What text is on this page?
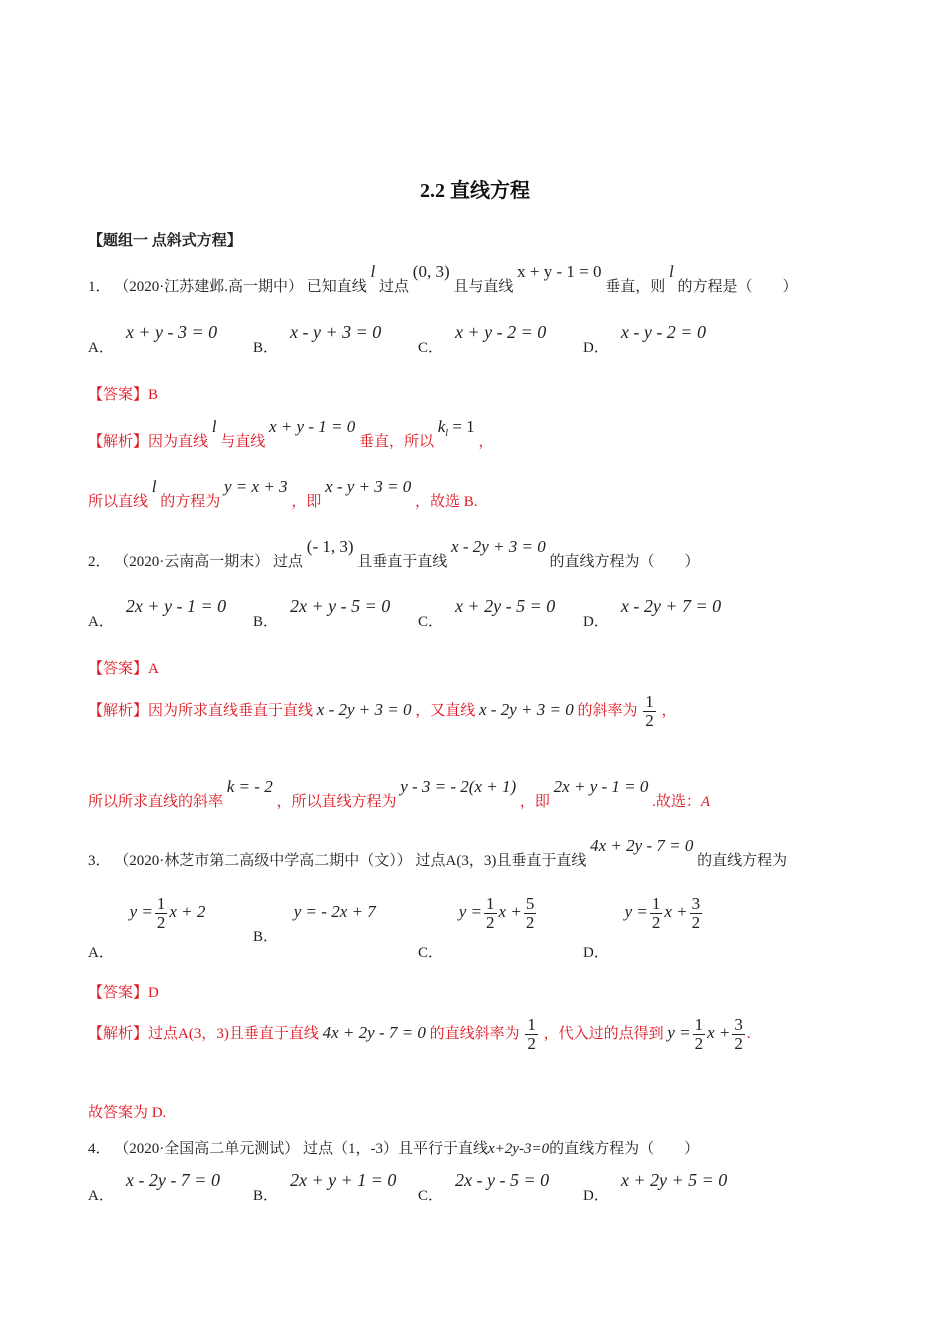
2.2 直线方程
【题组一 点斜式方程】
1． （2020·江苏建邺.高一期中） 已知直线 l 过点 (0, 3) 且与直线 x + y - 1 = 0 垂直，则 l 的方程是（　　）
A．x + y - 3 = 0
B．x - y + 3 = 0
C．x + y - 2 = 0
D．x - y - 2 = 0
【答案】B
【解析】因为直线 l 与直线 x + y - 1 = 0 垂直，所以 $k_l = 1$ ，
所以直线 l 的方程为 y = x + 3 ，即 x - y + 3 = 0 ，故选 B.
2． （2020·云南高一期末） 过点 (- 1, 3) 且垂直于直线 x - 2y + 3 = 0 的直线方程为（　　）
A．2x + y - 1 = 0
B．2x + y - 5 = 0
C．x + 2y - 5 = 0
D．x - 2y + 7 = 0
【答案】A
【解析】因为所求直线垂直于直线 x - 2y + 3 = 0 ，又直线 x - 2y + 3 = 0 的斜率为 $\frac{1}{2}$ ，
所以所求直线的斜率 k = - 2 ，所以直线方程为 y - 3 = - 2(x + 1) ，即 2x + y - 1 = 0 .故选：A
3． （2020·林芝市第二高级中学高二期中（文）） 过点A(3，3)且垂直于直线 4x + 2y - 7 = 0 的直线方程为
A． $y = \frac{1}{2}$ x + 2
B． y = - 2x + 7
C． $y = \frac{1}{2}$ $x + \frac{5}{2}$
D． $y = \frac{1}{2}$ $x + \frac{3}{2}$
【答案】D
【解析】过点A(3，3)且垂直于直线 4x + 2y - 7 = 0 的直线斜率为 $\frac{1}{2}$ ，代入过的点得到 $y = \frac{1}{2}$ $x + \frac{3}{2}$ .
故答案为 D.
4． （2020·全国高二单元测试） 过点（1，-3）且平行于直线x+2y-3=0的直线方程为（　　）
A．x - 2y - 7 = 0
B．2x + y + 1 = 0
C．2x - y - 5 = 0
D．x + 2y + 5 = 0
